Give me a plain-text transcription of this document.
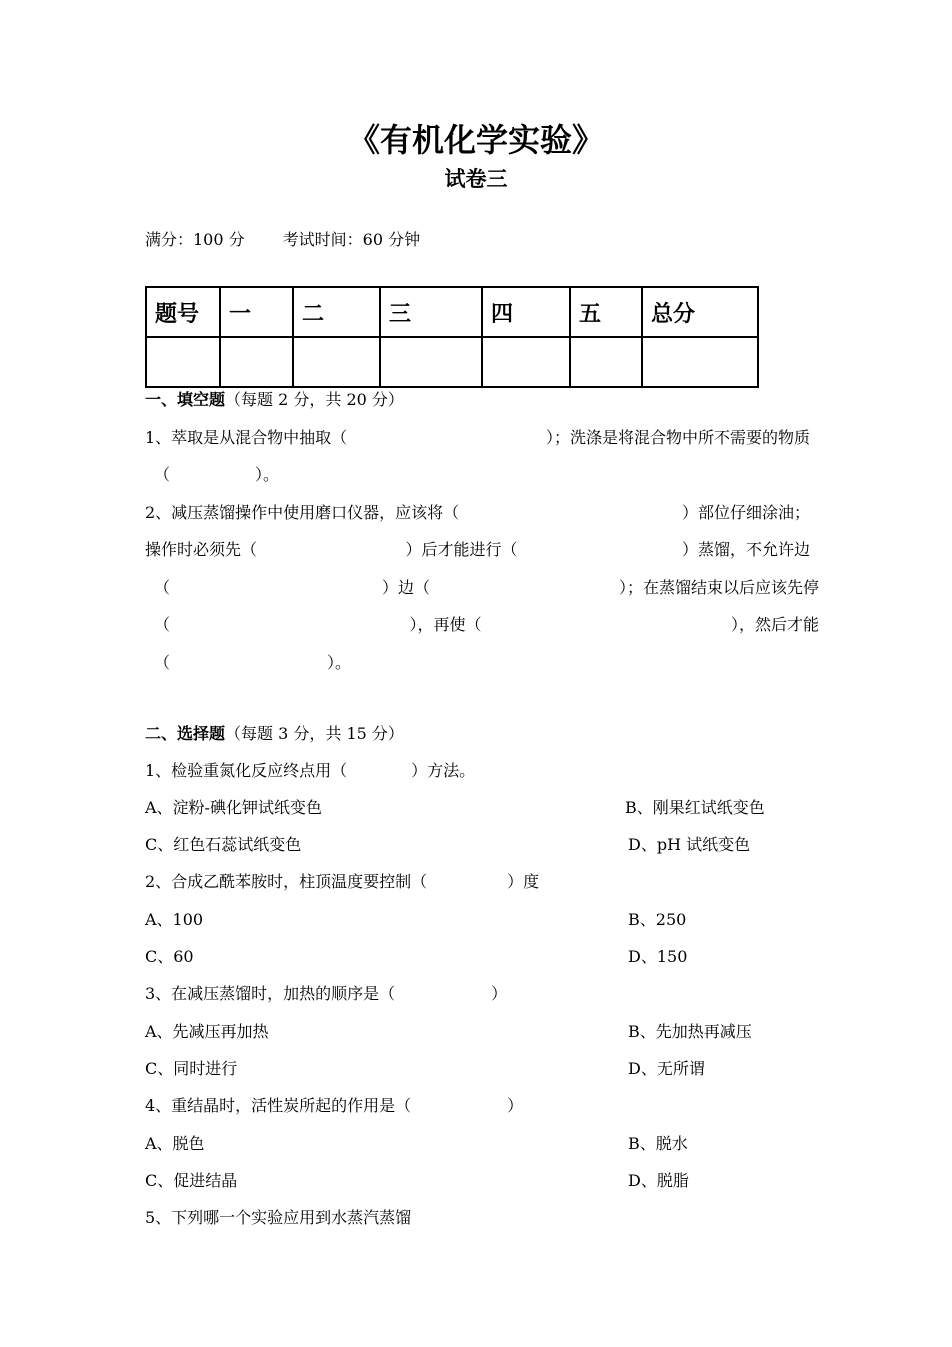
《有机化学实验》
试卷三
满分：100 分 考试时间：60 分钟
题号	一	二	三	四	五	总分

一、填空题（每题 2 分，共 20 分）
1、萃取是从混合物中抽取（	）；洗涤是将混合物中所不需要的物质
（	）。
2、减压蒸馏操作中使用磨口仪器，应该将（	）部位仔细涂油；
操作时必须先（	）后才能进行（	）蒸馏，不允许边
（	）边（	）；在蒸馏结束以后应该先停
（	），再使（	），然后才能
（	）。
二、选择题（每题 3 分，共 15 分）
1、检验重氮化反应终点用（　　　　）方法。
A、淀粉-碘化钾试纸变色	B、刚果红试纸变色
C、红色石蕊试纸变色	D、pH 试纸变色
2、合成乙酰苯胺时，柱顶温度要控制（　　　　　）度
A、100	B、250
C、60	D、150
3、在减压蒸馏时，加热的顺序是（　　　　　　）
A、先减压再加热	B、先加热再减压
C、同时进行	D、无所谓
4、重结晶时，活性炭所起的作用是（　　　　　　）
A、脱色	B、脱水
C、促进结晶	D、脱脂
5、下列哪一个实验应用到水蒸汽蒸馏
